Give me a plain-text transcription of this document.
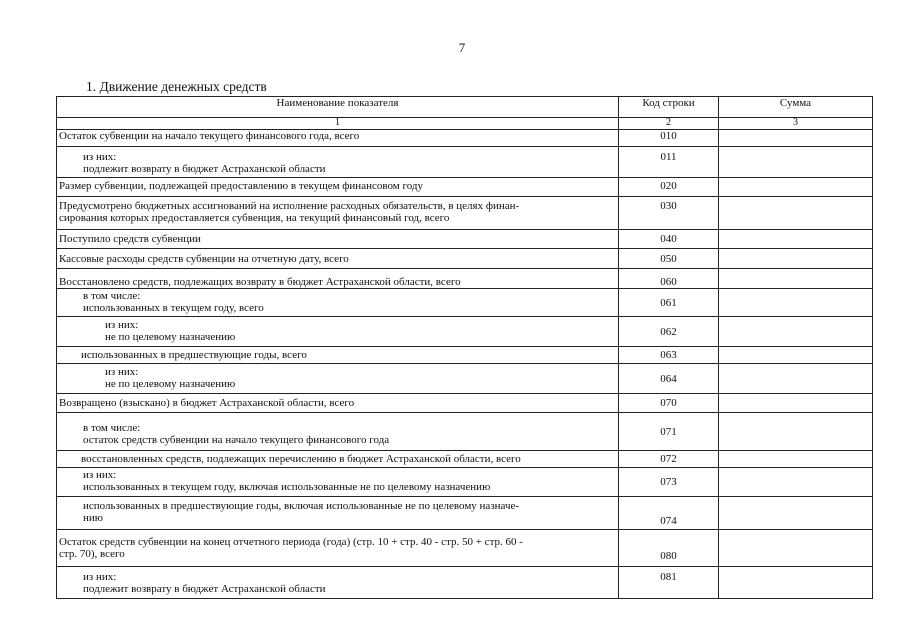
7
1. Движение денежных средств
Наименование показателя	Код строки	Сумма
1	2	3
Остаток субвенции на начало текущего финансового года, всего	010	

из них:
подлежит возврату в бюджет Астраханской области	011	
Размер субвенции, подлежащей предоставлению в текущем финансовом году	020	

Предусмотрено бюджетных ассигнований на исполнение расходных обязательств, в целях финан-
сирования которых предоставляется субвенция, на текущий финансовый год, всего	030	
Поступило средств субвенции	040	
Кассовые расходы средств субвенции на отчетную дату, всего	050	
Восстановлено средств, подлежащих возврату в бюджет Астраханской области, всего	060	

в том числе:
использованных в текущем году, всего	061	

из них:
не по целевому назначению	062	
использованных в предшествующие годы, всего	063	

из них:
не по целевому назначению	064	
Возвращено (взыскано) в бюджет Астраханской области, всего	070	

в том числе:
остаток средств субвенции на начало текущего финансового года	071	
восстановленных средств, подлежащих перечислению в бюджет Астраханской области, всего	072	

из них:
использованных в текущем году, включая использованные не по целевому назначению	073	

использованных в предшествующие годы, включая использованные не по целевому назначе-
нию	074	

Остаток средств субвенции на конец отчетного периода (года) (стр. 10 + стр. 40 - стр. 50 + стр. 60 -
стр. 70), всего	080	

из них:
подлежит возврату в бюджет Астраханской области	081	
